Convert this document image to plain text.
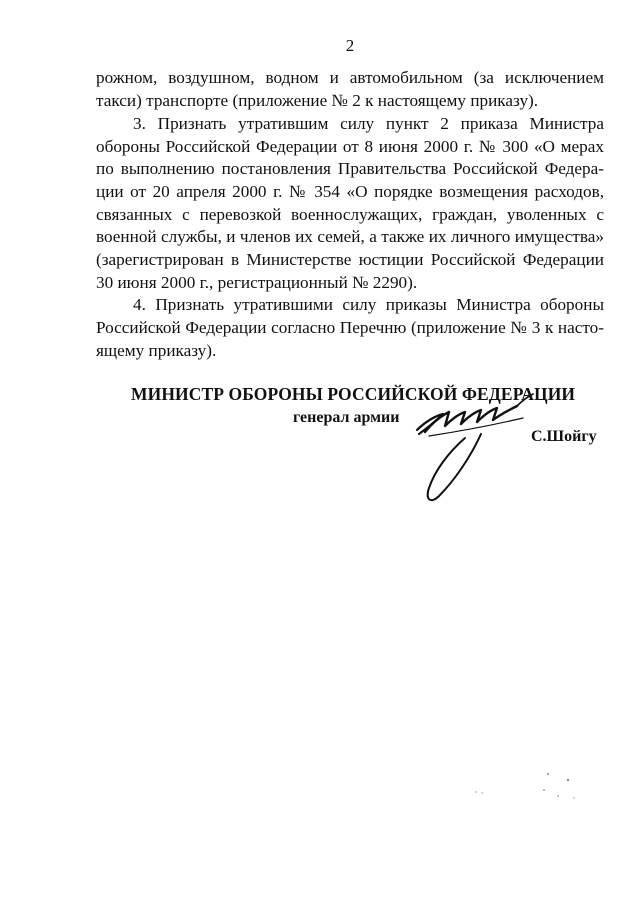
2
рожном, воздушном, водном и автомобильном (за исключением
такси) транспорте (приложение № 2 к настоящему приказу).
3. Признать утратившим силу пункт 2 приказа Министра
обороны Российской Федерации от 8 июня 2000 г. № 300 «О мерах
по выполнению постановления Правительства Российской Федера-
ции от 20 апреля 2000 г. № 354 «О порядке возмещения расходов,
связанных с перевозкой военнослужащих, граждан, уволенных с
военной службы, и членов их семей, а также их личного имущества»
(зарегистрирован в Министерстве юстиции Российской Федерации
30 июня 2000 г., регистрационный № 2290).
4. Признать утратившими силу приказы Министра обороны
Российской Федерации согласно Перечню (приложение № 3 к насто-
ящему приказу).
МИНИСТР ОБОРОНЫ РОССИЙСКОЙ ФЕДЕРАЦИИ
генерал армии
С.Шойгу
